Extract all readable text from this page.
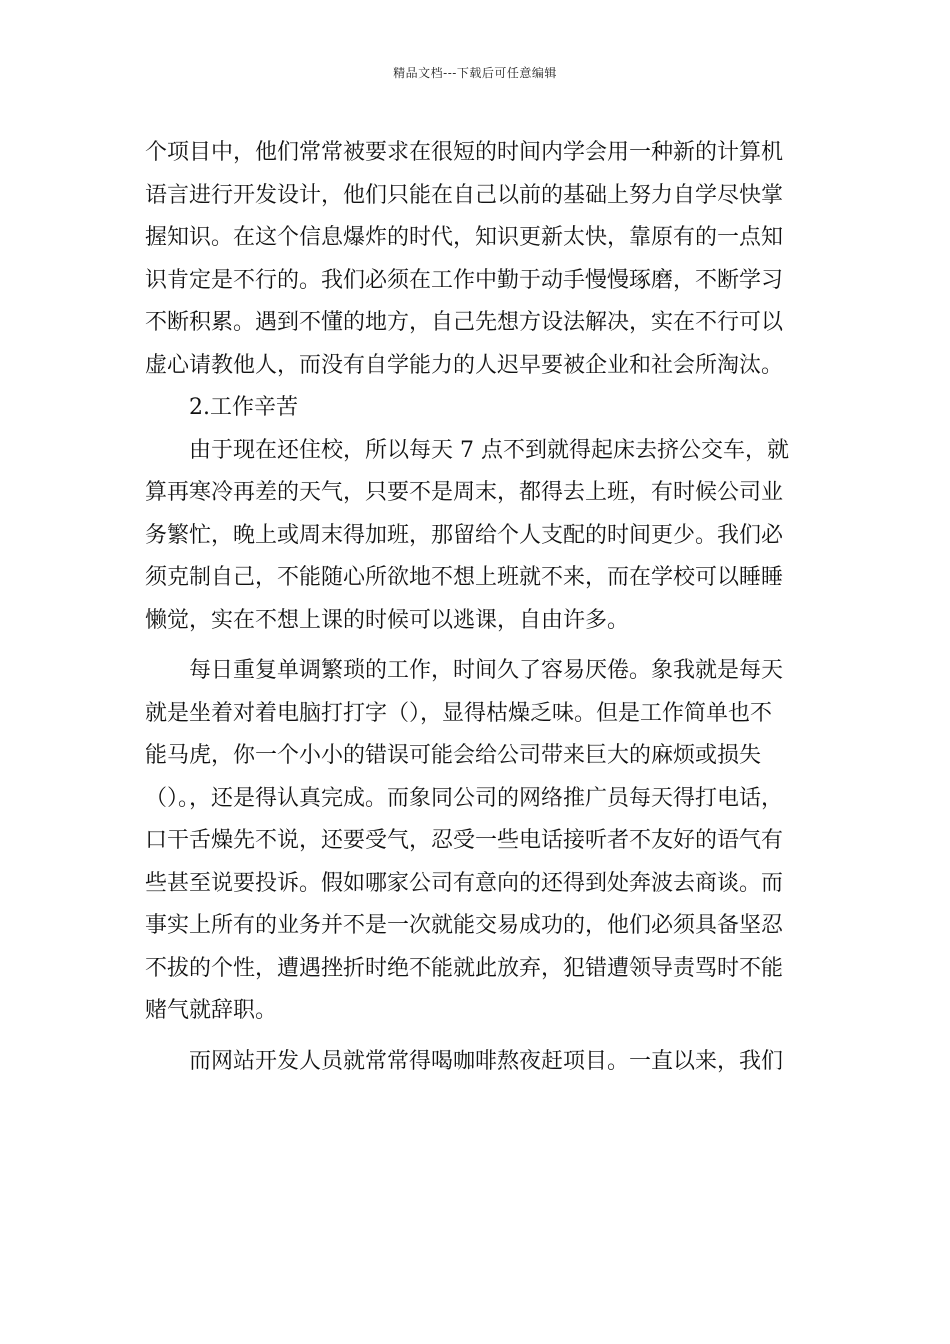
精品文档---下载后可任意编辑
个项目中，他们常常被要求在很短的时间内学会用一种新的计算机
语言进行开发设计，他们只能在自己以前的基础上努力自学尽快掌
握知识。在这个信息爆炸的时代，知识更新太快，靠原有的一点知
识肯定是不行的。我们必须在工作中勤于动手慢慢琢磨，不断学习
不断积累。遇到不懂的地方，自己先想方设法解决，实在不行可以
虚心请教他人，而没有自学能力的人迟早要被企业和社会所淘汰。
2.工作辛苦
由于现在还住校，所以每天 7 点不到就得起床去挤公交车，就
算再寒冷再差的天气，只要不是周末，都得去上班，有时候公司业
务繁忙，晚上或周末得加班，那留给个人支配的时间更少。我们必
须克制自己，不能随心所欲地不想上班就不来，而在学校可以睡睡
懒觉，实在不想上课的时候可以逃课，自由许多。
每日重复单调繁琐的工作，时间久了容易厌倦。象我就是每天
就是坐着对着电脑打打字（），显得枯燥乏味。但是工作简单也不
能马虎，你一个小小的错误可能会给公司带来巨大的麻烦或损失
（）。，还是得认真完成。而象同公司的网络推广员每天得打电话，
口干舌燥先不说，还要受气，忍受一些电话接听者不友好的语气有
些甚至说要投诉。假如哪家公司有意向的还得到处奔波去商谈。而
事实上所有的业务并不是一次就能交易成功的，他们必须具备坚忍
不拔的个性，遭遇挫折时绝不能就此放弃，犯错遭领导责骂时不能
赌气就辞职。
而网站开发人员就常常得喝咖啡熬夜赶项目。一直以来，我们
